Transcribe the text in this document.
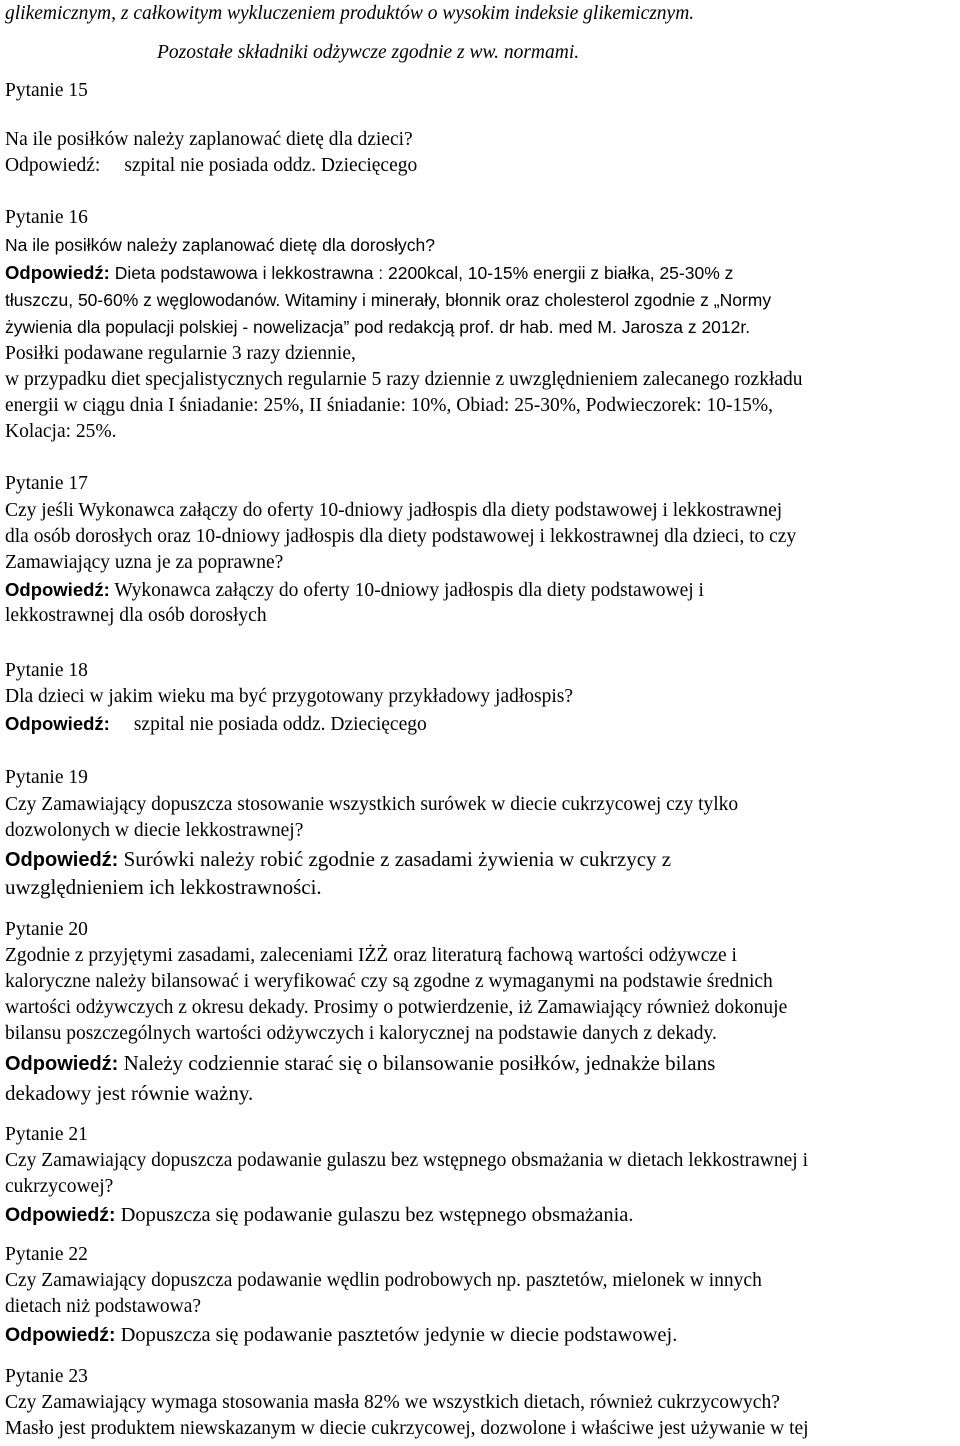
glikemicznym, z całkowitym wykluczeniem produktów o wysokim indeksie glikemicznym.
Pozostałe składniki odżywcze zgodnie z ww. normami.
Pytanie 15
Na ile posiłków należy zaplanować dietę dla dzieci?
Odpowiedź: szpital nie posiada oddz. Dziecięcego
Pytanie 16
Na ile posiłków należy zaplanować dietę dla dorosłych?
Odpowiedź: Dieta podstawowa i lekkostrawna : 2200kcal, 10-15% energii z białka, 25-30% z
tłuszczu, 50-60% z węglowodanów. Witaminy i minerały, błonnik oraz cholesterol zgodnie z „Normy
żywienia dla populacji polskiej - nowelizacja” pod redakcją prof. dr hab. med M. Jarosza z 2012r.
Posiłki podawane regularnie 3 razy dziennie,
w przypadku diet specjalistycznych regularnie 5 razy dziennie z uwzględnieniem zalecanego rozkładu
energii w ciągu dnia I śniadanie: 25%, II śniadanie: 10%, Obiad: 25-30%, Podwieczorek: 10-15%,
Kolacja: 25%.
Pytanie 17
Czy jeśli Wykonawca załączy do oferty 10-dniowy jadłospis dla diety podstawowej i lekkostrawnej
dla osób dorosłych oraz 10-dniowy jadłospis dla diety podstawowej i lekkostrawnej dla dzieci, to czy
Zamawiający uzna je za poprawne?
Odpowiedź: Wykonawca załączy do oferty 10-dniowy jadłospis dla diety podstawowej i
lekkostrawnej dla osób dorosłych
Pytanie 18
Dla dzieci w jakim wieku ma być przygotowany przykładowy jadłospis?
Odpowiedź: szpital nie posiada oddz. Dziecięcego
Pytanie 19
Czy Zamawiający dopuszcza stosowanie wszystkich surówek w diecie cukrzycowej czy tylko
dozwolonych w diecie lekkostrawnej?
Odpowiedź: Surówki należy robić zgodnie z zasadami żywienia w cukrzycy z
uwzględnieniem ich lekkostrawności.
Pytanie 20
Zgodnie z przyjętymi zasadami, zaleceniami IŻŻ oraz literaturą fachową wartości odżywcze i
kaloryczne należy bilansować i weryfikować czy są zgodne z wymaganymi na podstawie średnich
wartości odżywczych z okresu dekady. Prosimy o potwierdzenie, iż Zamawiający również dokonuje
bilansu poszczególnych wartości odżywczych i kalorycznej na podstawie danych z dekady.
Odpowiedź: Należy codziennie starać się o bilansowanie posiłków, jednakże bilans
dekadowy jest równie ważny.
Pytanie 21
Czy Zamawiający dopuszcza podawanie gulaszu bez wstępnego obsmażania w dietach lekkostrawnej i
cukrzycowej?
Odpowiedź: Dopuszcza się podawanie gulaszu bez wstępnego obsmażania.
Pytanie 22
Czy Zamawiający dopuszcza podawanie wędlin podrobowych np. pasztetów, mielonek w innych
dietach niż podstawowa?
Odpowiedź: Dopuszcza się podawanie pasztetów jedynie w diecie podstawowej.
Pytanie 23
Czy Zamawiający wymaga stosowania masła 82% we wszystkich dietach, również cukrzycowych?
Masło jest produktem niewskazanym w diecie cukrzycowej, dozwolone i właściwe jest używanie w tej
